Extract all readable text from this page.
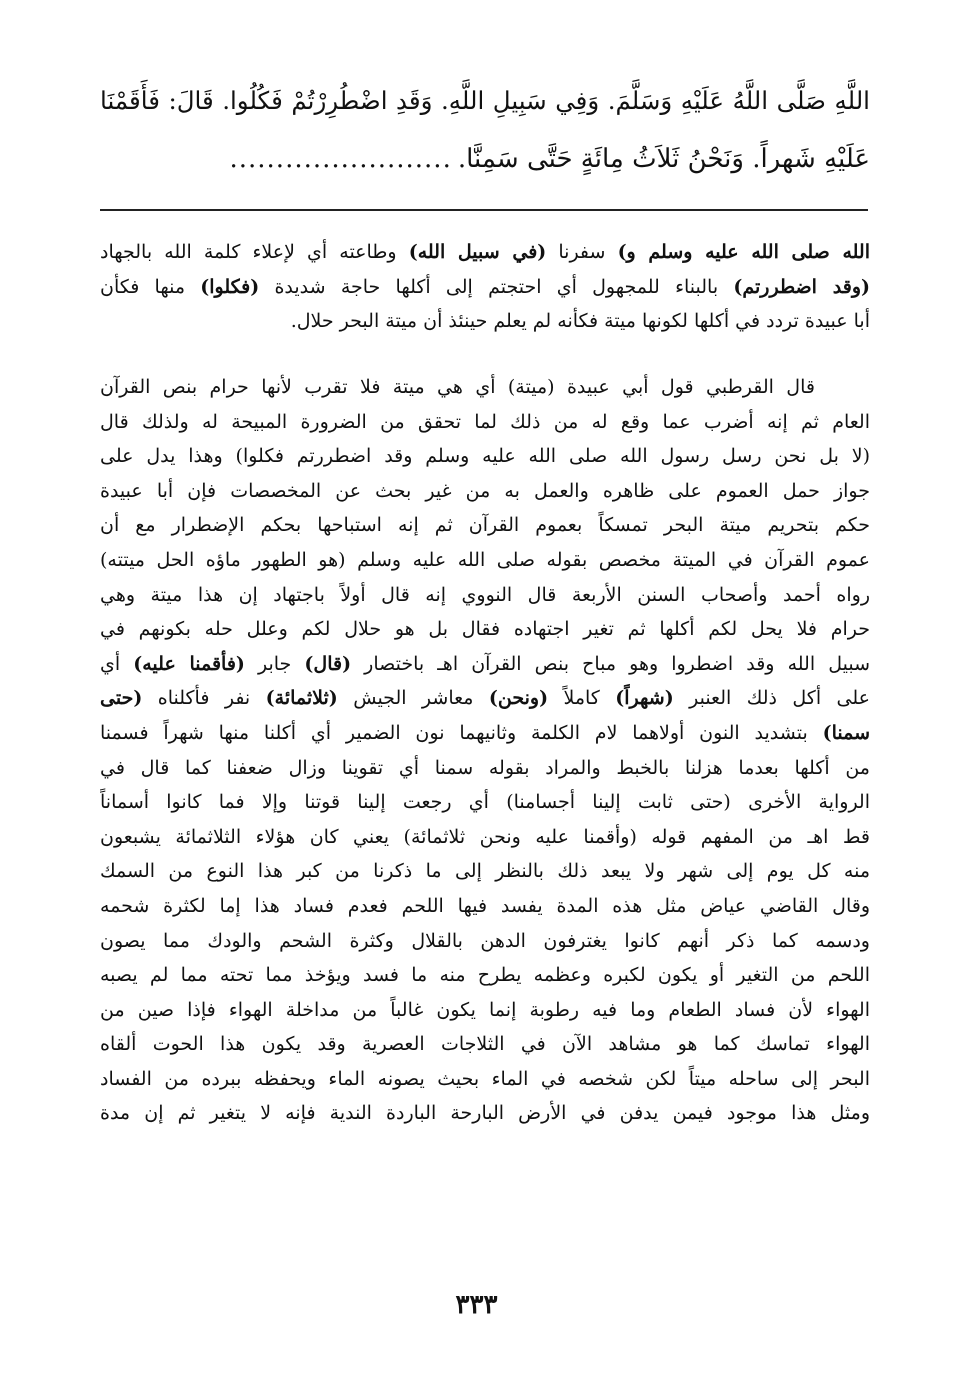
اللَّهِ صَلَّى اللَّهُ عَلَيْهِ وَسَلَّمَ. وَفِي سَبِيلِ اللَّهِ. وَقَدِ اضْطُرِرْتُمْ فَكُلُوا. قَالَ: فَأَقَمْنَا
عَلَيْهِ شَهراً. وَنَحْنُ ثَلاَثُ مِائَةٍ حَتَّى سَمِنَّا.........................
الله صلى الله عليه وسلم و) سفرنا (في سبيل الله) وطاعته أي لإعلاء كلمة الله بالجهاد
(وقد اضطررتم) بالبناء للمجهول أي احتجتم إلى أكلها حاجة شديدة (فكلوا) منها فكأن
أبا عبيدة تردد في أكلها لكونها ميتة فكأنه لم يعلم حينئذ أن ميتة البحر حلال.
قال القرطبي قول أبي عبيدة (ميتة) أي هي ميتة فلا تقرب لأنها حرام بنص القرآن
العام ثم إنه أضرب عما وقع له من ذلك لما تحقق من الضرورة المبيحة له ولذلك قال
(لا بل نحن رسل رسول الله صلى الله عليه وسلم وقد اضطررتم فكلوا) وهذا يدل على
جواز حمل العموم على ظاهره والعمل به من غير بحث عن المخصصات فإن أبا عبيدة
حكم بتحريم ميتة البحر تمسكاً بعموم القرآن ثم إنه استباحها بحكم الإضطرار مع أن
عموم القرآن في الميتة مخصص بقوله صلى الله عليه وسلم (هو الطهور ماؤه الحل ميتته)
رواه أحمد وأصحاب السنن الأربعة قال النووي إنه قال أولاً باجتهاد إن هذا ميتة وهي
حرام فلا يحل لكم أكلها ثم تغير اجتهاده فقال بل هو حلال لكم وعلل حله بكونهم في
سبيل الله وقد اضطروا وهو مباح بنص القرآن اهـ باختصار (قال) جابر (فأقمنا عليه) أي
على أكل ذلك العنبر (شهراً) كاملاً (ونحن) معاشر الجيش (ثلاثمائة) نفر فأكلناه (حتى
سمنا) بتشديد النون أولاهما لام الكلمة وثانيهما نون الضمير أي أكلنا منها شهراً فسمنا
من أكلها بعدما هزلنا بالخبط والمراد بقوله سمنا أي تقوينا وزال ضعفنا كما قال في
الرواية الأخرى (حتى ثابت إلينا أجسامنا) أي رجعت إلينا قوتنا وإلا فما كانوا أسماناً
قط اهـ من المفهم قوله (وأقمنا عليه ونحن ثلاثمائة) يعني كان هؤلاء الثلاثمائة يشبعون
منه كل يوم إلى شهر ولا يبعد ذلك بالنظر إلى ما ذكرنا من كبر هذا النوع من السمك
وقال القاضي عياض مثل هذه المدة يفسد فيها اللحم فعدم فساد هذا إما لكثرة شحمه
ودسمه كما ذكر أنهم كانوا يغترفون الدهن بالقلال وكثرة الشحم والودك مما يصون
اللحم من التغير أو يكون لكبره وعظمه يطرح منه ما فسد ويؤخذ مما تحته مما لم يصبه
الهواء لأن فساد الطعام وما فيه رطوبة إنما يكون غالباً من مداخلة الهواء فإذا صين من
الهواء تماسك كما هو مشاهد الآن في الثلاجات العصرية وقد يكون هذا الحوت ألقاه
البحر إلى ساحله ميتاً لكن شخصه في الماء بحيث يصونه الماء ويحفظه ببرده من الفساد
ومثل هذا موجود فيمن يدفن في الأرض البارحة الباردة الندية فإنه لا يتغير ثم إن مدة
٣٣٣
